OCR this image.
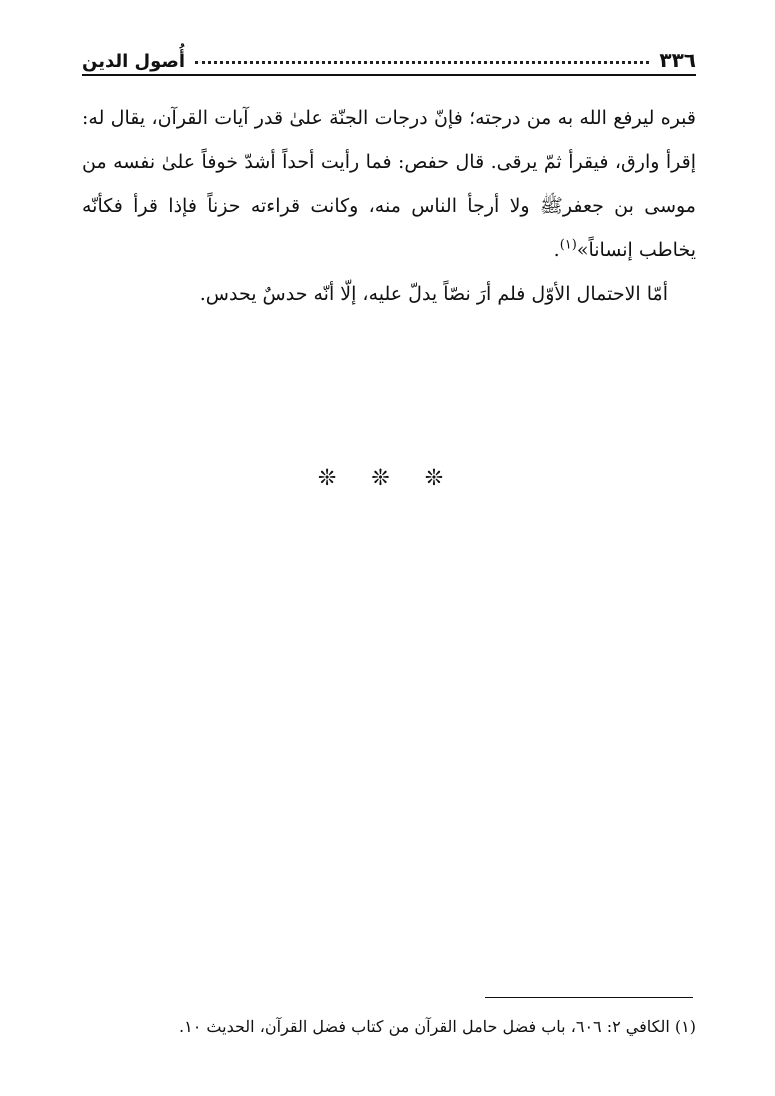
٣٣٦
أُصول الدين

قبره ليرفع الله به من درجته؛ فإنّ درجات الجنّة علىٰ قدر آيات القرآن، يقال له: إقرأ وارق، فيقرأ ثمّ يرقى. قال حفص: فما رأيت أحداً أشدّ خوفاً علىٰ نفسه من موسى بن جعفرﷺ ولا أرجأ الناس منه، وكانت قراءته حزناً فإذا قرأ فكأنّه يخاطب إنساناً»$^{(١)}$.

أمّا الاحتمال الأوّل فلم أرَ نصّاً يدلّ عليه، إلّا أنّه حدسٌ يحدس.

❊ ❊ ❊
(١) الكافي ٢: ٦٠٦، باب فضل حامل القرآن من كتاب فضل القرآن، الحديث ١٠.
